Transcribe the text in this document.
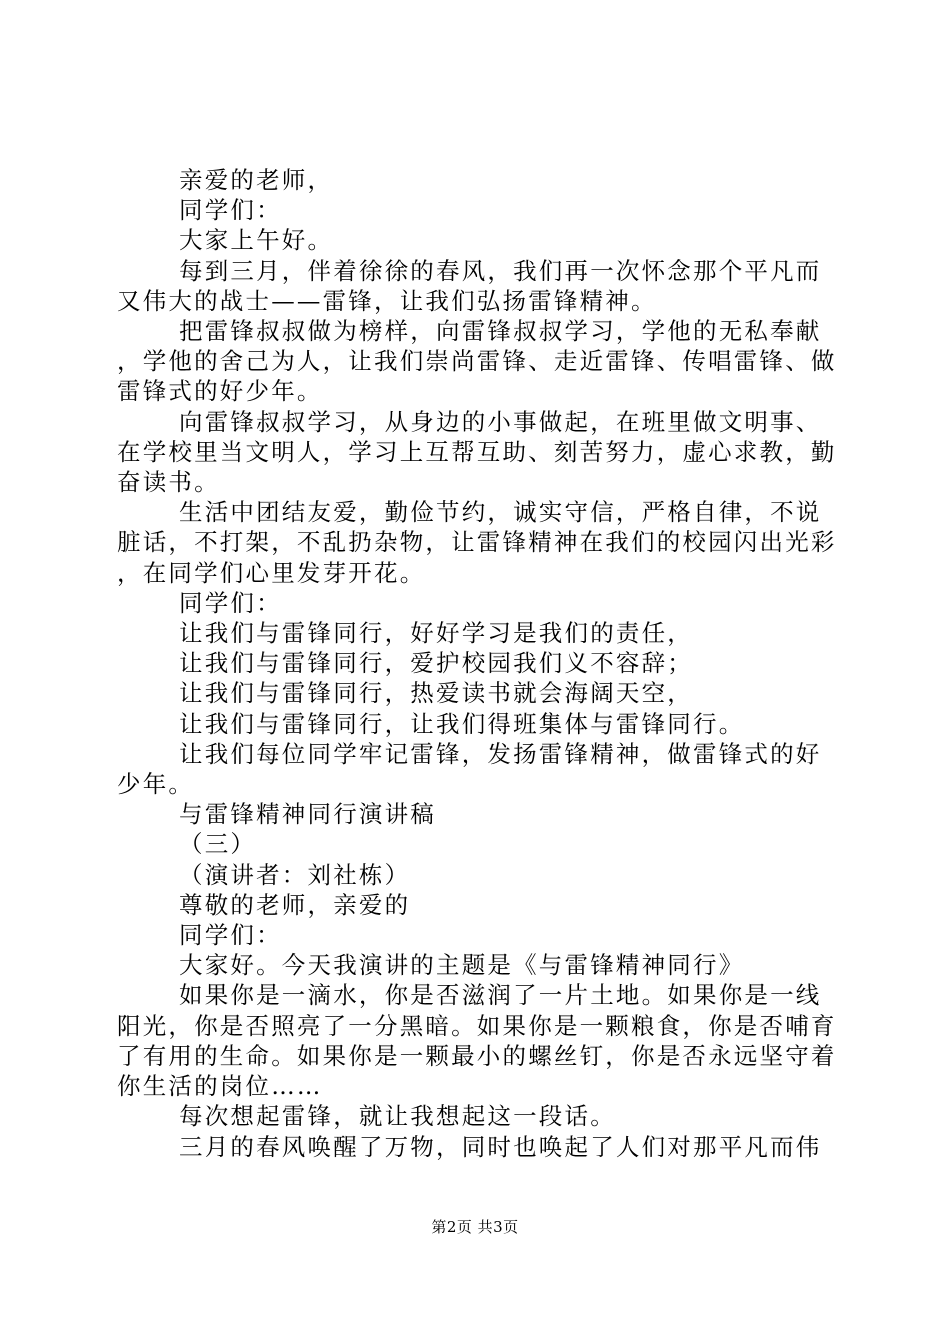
亲爱的老师，

同学们：

大家上午好。

每到三月，伴着徐徐的春风，我们再一次怀念那个平凡而又伟大的战士——雷锋，让我们弘扬雷锋精神。

把雷锋叔叔做为榜样，向雷锋叔叔学习，学他的无私奉献，学他的舍己为人，让我们崇尚雷锋、走近雷锋、传唱雷锋、做雷锋式的好少年。

向雷锋叔叔学习，从身边的小事做起，在班里做文明事、在学校里当文明人，学习上互帮互助、刻苦努力，虚心求教，勤奋读书。

生活中团结友爱，勤俭节约，诚实守信，严格自律，不说脏话，不打架，不乱扔杂物，让雷锋精神在我们的校园闪出光彩，在同学们心里发芽开花。

同学们：

让我们与雷锋同行，好好学习是我们的责任，

让我们与雷锋同行，爱护校园我们义不容辞；

让我们与雷锋同行，热爱读书就会海阔天空，

让我们与雷锋同行，让我们得班集体与雷锋同行。

让我们每位同学牢记雷锋，发扬雷锋精神，做雷锋式的好少年。

与雷锋精神同行演讲稿

（三）

（演讲者：刘社栋）

尊敬的老师，亲爱的

同学们：

大家好。今天我演讲的主题是《与雷锋精神同行》

如果你是一滴水，你是否滋润了一片土地。如果你是一线阳光，你是否照亮了一分黑暗。如果你是一颗粮食，你是否哺育了有用的生命。如果你是一颗最小的螺丝钉，你是否永远坚守着你生活的岗位……

每次想起雷锋，就让我想起这一段话。

三月的春风唤醒了万物，同时也唤起了人们对那平凡而伟

第2页 共3页
